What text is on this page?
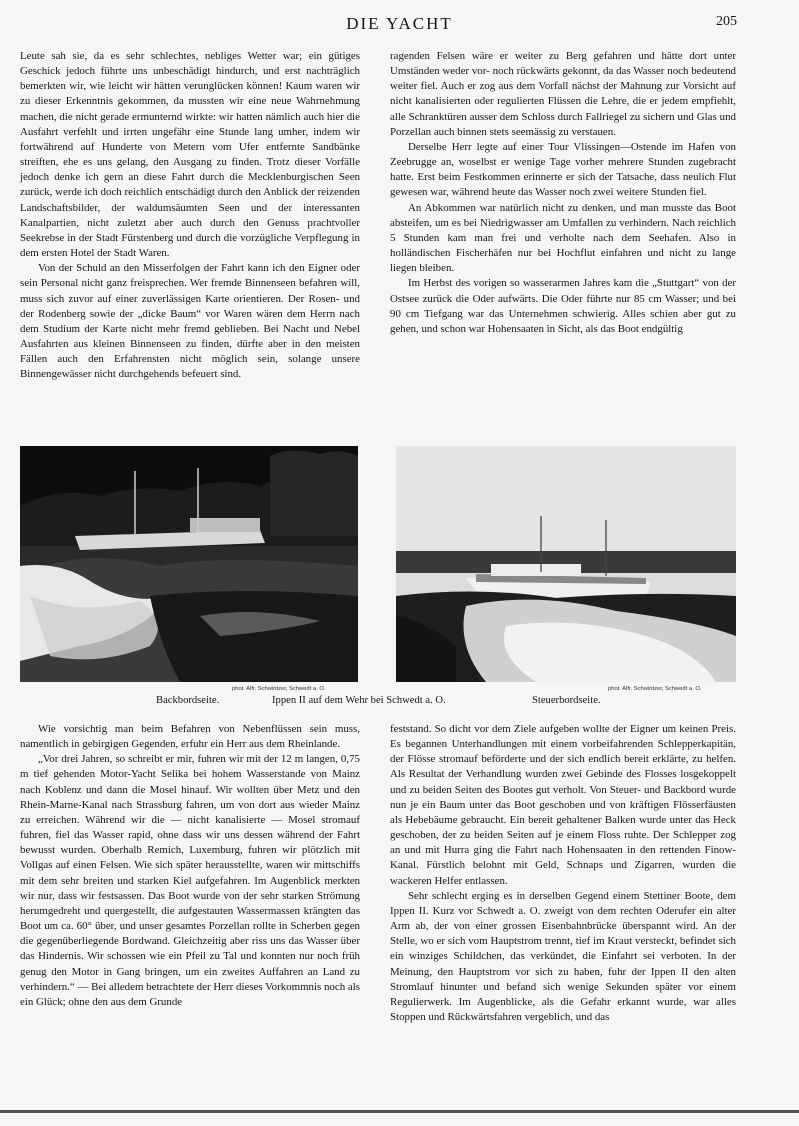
DIE YACHT	205

Leute sah sie, da es sehr schlechtes, nebliges Wetter war; ein gütiges Geschick jedoch führte uns unbeschädigt hindurch, und erst nachträglich bemerkten wir, wie leicht wir hätten verunglücken können! Kaum waren wir zu dieser Erkenntnis gekommen, da mussten wir eine neue Wahrnehmung machen, die nicht gerade ermunternd wirkte: wir hatten nämlich auch hier die Ausfahrt verfehlt und irrten ungefähr eine Stunde lang umher, indem wir fortwährend auf Hunderte von Metern vom Ufer entfernte Sandbänke streiften, ehe es uns gelang, den Ausgang zu finden. Trotz dieser Vorfälle jedoch denke ich gern an diese Fahrt durch die Mecklenburgischen Seen zurück, werde ich doch reichlich entschädigt durch den Anblick der reizenden Landschaftsbilder, der waldumsäumten Seen und der interessanten Kanalpartien, nicht zuletzt aber auch durch den Genuss prachtvoller Seekrebse in der Stadt Fürstenberg und durch die vorzügliche Verpflegung in dem ersten Hotel der Stadt Waren.

Von der Schuld an den Misserfolgen der Fahrt kann ich den Eigner oder sein Personal nicht ganz freisprechen. Wer fremde Binnenseen befahren will, muss sich zuvor auf einer zuverlässigen Karte orientieren. Der Rosen- und der Rodenberg sowie der „dicke Baum“ vor Waren wären dem Herrn nach dem Studium der Karte nicht mehr fremd geblieben. Bei Nacht und Nebel Ausfahrten aus kleinen Binnenseen zu finden, dürfte aber in den meisten Fällen auch den Erfahrensten nicht möglich sein, solange unsere Binnengewässer nicht durchgehends befeuert sind.

ragenden Felsen wäre er weiter zu Berg gefahren und hätte dort unter Umständen weder vor- noch rückwärts gekonnt, da das Wasser noch bedeutend weiter fiel. Auch er zog aus dem Vorfall nächst der Mahnung zur Vorsicht auf nicht kanalisierten oder regulierten Flüssen die Lehre, die er jedem empfiehlt, alle Schranktüren ausser dem Schloss durch Fallriegel zu sichern und Glas und Porzellan auch binnen stets seemässig zu verstauen.

Derselbe Herr legte auf einer Tour Vlissingen—Ostende im Hafen von Zeebrugge an, woselbst er wenige Tage vorher mehrere Stunden zugebracht hatte. Erst beim Festkommen erinnerte er sich der Tatsache, dass neulich Flut gewesen war, während heute das Wasser noch zwei weitere Stunden fiel.

An Abkommen war natürlich nicht zu denken, und man musste das Boot absteifen, um es bei Niedrigwasser am Umfallen zu verhindern. Nach reichlich 5 Stunden kam man frei und verholte nach dem Seehafen. Also in holländischen Fischerhäfen nur bei Hochflut einfahren und nicht zu lange liegen bleiben.

Im Herbst des vorigen so wasserarmen Jahres kam die „Stuttgart“ von der Ostsee zurück die Oder aufwärts. Die Oder führte nur 85 cm Wasser; und bei 90 cm Tiefgang war das Unternehmen schwierig. Alles schien aber gut zu gehen, und schon war Hohensaaten in Sicht, als das Boot endgültig

phot. Alfr. Schwintzer, Schwedt a. O.	phot. Alfr. Schwintzer, Schwedt a. O.
Backbordseite.	Ippen II auf dem Wehr bei Schwedt a. O.	Steuerbordseite.

Wie vorsichtig man beim Befahren von Nebenflüssen sein muss, namentlich in gebirgigen Gegenden, erfuhr ein Herr aus dem Rheinlande.

„Vor drei Jahren, so schreibt er mir, fuhren wir mit der 12 m langen, 0,75 m tief gehenden Motor-Yacht Selika bei hohem Wasserstande von Mainz nach Koblenz und dann die Mosel hinauf. Wir wollten über Metz und den Rhein-Marne-Kanal nach Strassburg fahren, um von dort aus wieder Mainz zu erreichen. Während wir die — nicht kanalisierte — Mosel stromauf fuhren, fiel das Wasser rapid, ohne dass wir uns dessen während der Fahrt bewusst wurden. Oberhalb Remich, Luxemburg, fuhren wir plötzlich mit Vollgas auf einen Felsen. Wie sich später herausstellte, waren wir mittschiffs mit dem sehr breiten und starken Kiel aufgefahren. Im Augenblick merkten wir nur, dass wir festsassen. Das Boot wurde von der sehr starken Strömung herumgedreht und quergestellt, die aufgestauten Wassermassen krängten das Boot um ca. 60° über, und unser gesamtes Porzellan rollte in Scherben gegen die gegenüberliegende Bordwand. Gleichzeitig aber riss uns das Wasser über das Hindernis. Wir schossen wie ein Pfeil zu Tal und konnten nur noch früh genug den Motor in Gang bringen, um ein zweites Auffahren an Land zu verhindern.“ — Bei alledem betrachtete der Herr dieses Vorkommnis noch als ein Glück; ohne den aus dem Grunde

feststand. So dicht vor dem Ziele aufgeben wollte der Eigner um keinen Preis. Es begannen Unterhandlungen mit einem vorbeifahrenden Schlepperkapitän, der Flösse stromauf beförderte und der sich endlich bereit erklärte, zu helfen. Als Resultat der Verhandlung wurden zwei Gebinde des Flosses losgekoppelt und zu beiden Seiten des Bootes gut verholt. Von Steuer- und Backbord wurde nun je ein Baum unter das Boot geschoben und von kräftigen Flösserfäusten als Hebebäume gebraucht. Ein bereit gehaltener Balken wurde unter das Heck geschoben, der zu beiden Seiten auf je einem Floss ruhte. Der Schlepper zog an und mit Hurra ging die Fahrt nach Hohensaaten in den rettenden Finow-Kanal. Fürstlich belohnt mit Geld, Schnaps und Zigarren, wurden die wackeren Helfer entlassen.

Sehr schlecht erging es in derselben Gegend einem Stettiner Boote, dem Ippen II. Kurz vor Schwedt a. O. zweigt von dem rechten Oderufer ein alter Arm ab, der von einer grossen Eisenbahnbrücke überspannt wird. An der Stelle, wo er sich vom Hauptstrom trennt, tief im Kraut versteckt, befindet sich ein winziges Schildchen, das verkündet, die Einfahrt sei verboten. In der Meinung, den Hauptstrom vor sich zu haben, fuhr der Ippen II den alten Stromlauf hinunter und befand sich wenige Sekunden später vor einem Regulierwerk. Im Augenblicke, als die Gefahr erkannt wurde, war alles Stoppen und Rückwärtsfahren vergeblich, und das
